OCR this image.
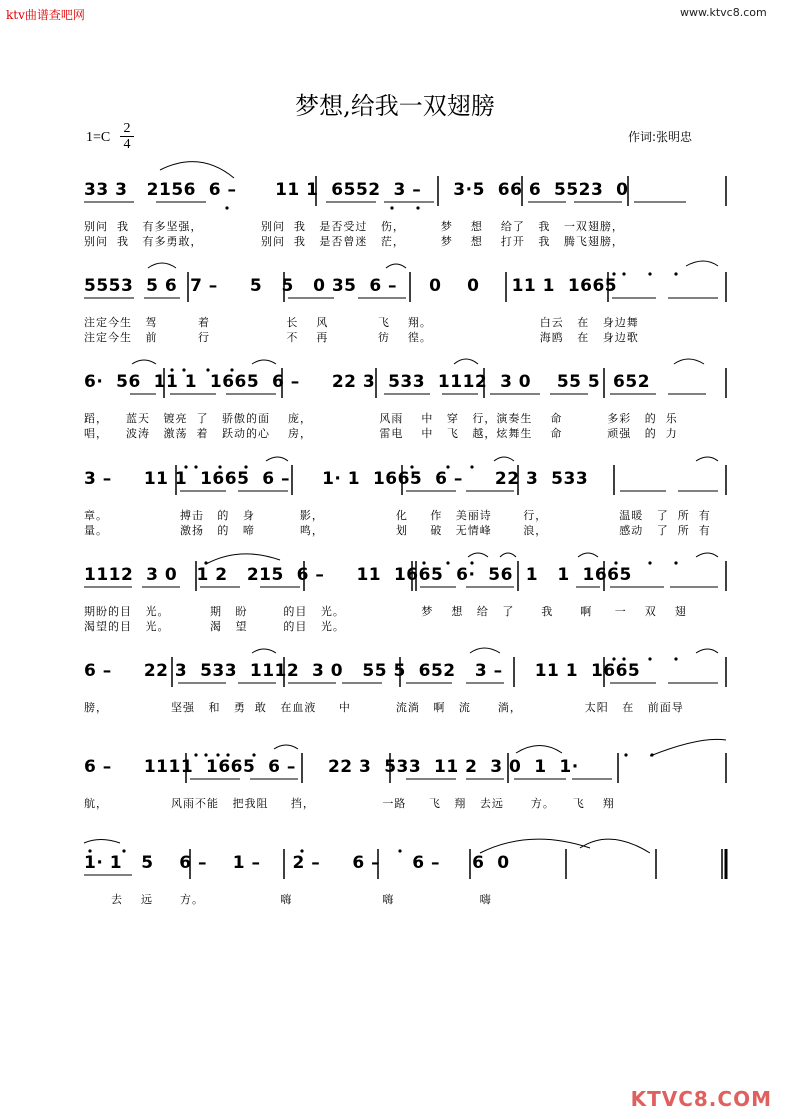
ktv曲谱查吧网	www.ktvc8.com
梦想,给我一双翅膀
$1=C \frac{2}{4}$	作词:张明忠
33 3   2156  6 –      11 1  6552  3 –     3·5  66 6  5523  0
别问  我   有多坚强，             别问  我   是否受过   伤，        梦    想    给了   我   一双翅膀，
别问  我   有多勇敢，             别问  我   是否曾迷   茫，        梦    想    打开   我   腾飞翅膀，
5553  5 6  7 –     5   5   0 35  6 –     0    0     11 1  1665
注定今生   驾         着                 长    风           飞    翔。                        白云   在   身边舞
注定今生   前         行                 不    再           彷    徨。                        海鸥   在   身边歌
6·  56  11 1  1665  6 –     22 3  533  1112  3 0    55 5  652
蹈，    蓝天   镀亮  了   骄傲的面    庞，               风雨    中   穿   行，演奏生    命          多彩   的  乐
唱，    波涛   激荡  着   跃动的心    房，               雷电    中   飞   越，炫舞生    命          顽强   的  力
3 –     11 1  1665  6 –     1· 1  1665  6 –     22 3  533
章。                搏击   的   身          影，                化     作   美丽诗       行，                温暖   了  所  有
量。                激扬   的   啼          鸣，                划     破   无情峰       浪，                感动   了  所  有
1112  3 0   1 2   215  6 –     11  1665  6·  56  1   1  1665
期盼的目   光。         期   盼        的目   光。                 梦    想   给   了      我      啊     一    双    翅
渴望的目   光。         渴   望        的目   光。
6 –     22 3  533  1112  3 0   55 5  652   3 –     11 1  1665
膀，              坚强   和   勇  敢   在血液     中          流淌   啊   流      淌，              太阳   在   前面导
6 –     1111  1665  6 –     22 3  533  11 2  3 0  1  1·
航，              风雨不能   把我阻     挡，               一路     飞   翔   去远      方。    飞    翔
1· 1   5    6 –    1 –     2 –     6 –     6 –     6  0
去    远      方。                 嗨                    嗨                   嗨
KTVC8.COM
